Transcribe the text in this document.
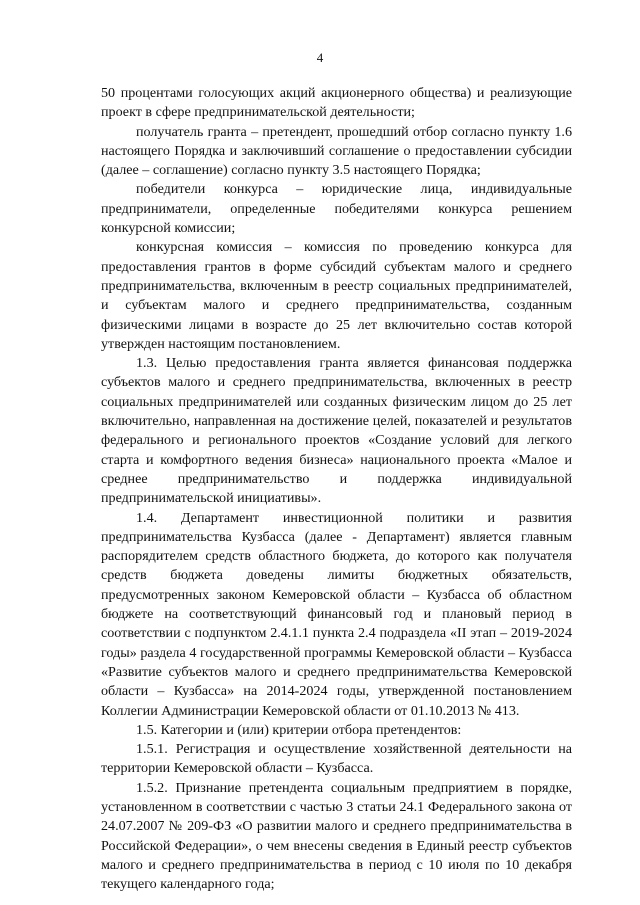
4

50 процентами голосующих акций акционерного общества) и реализующие проект в сфере предпринимательской деятельности;

получатель гранта – претендент, прошедший отбор согласно пункту 1.6 настоящего Порядка и заключивший соглашение о предоставлении субсидии (далее – соглашение) согласно пункту 3.5 настоящего Порядка;

победители конкурса – юридические лица, индивидуальные предприниматели, определенные победителями конкурса решением конкурсной комиссии;

конкурсная комиссия – комиссия по проведению конкурса для предоставления грантов в форме субсидий субъектам малого и среднего предпринимательства, включенным в реестр социальных предпринимателей, и субъектам малого и среднего предпринимательства, созданным физическими лицами в возрасте до 25 лет включительно состав которой утвержден настоящим постановлением.

1.3. Целью предоставления гранта является финансовая поддержка субъектов малого и среднего предпринимательства, включенных в реестр социальных предпринимателей или созданных физическим лицом до 25 лет включительно, направленная на достижение целей, показателей и результатов федерального и регионального проектов «Создание условий для легкого старта и комфортного ведения бизнеса» национального проекта «Малое и среднее предпринимательство и поддержка индивидуальной предпринимательской инициативы».

1.4. Департамент инвестиционной политики и развития предпринимательства Кузбасса (далее - Департамент) является главным распорядителем средств областного бюджета, до которого как получателя средств бюджета доведены лимиты бюджетных обязательств, предусмотренных законом Кемеровской области – Кузбасса об областном бюджете на соответствующий финансовый год и плановый период в соответствии с подпунктом 2.4.1.1 пункта 2.4 подраздела «II этап – 2019-2024 годы» раздела 4 государственной программы Кемеровской области – Кузбасса «Развитие субъектов малого и среднего предпринимательства Кемеровской области – Кузбасса» на 2014-2024 годы, утвержденной постановлением Коллегии Администрации Кемеровской области от 01.10.2013 № 413.

1.5. Категории и (или) критерии отбора претендентов:

1.5.1. Регистрация и осуществление хозяйственной деятельности на территории Кемеровской области – Кузбасса.

1.5.2. Признание претендента социальным предприятием в порядке, установленном в соответствии с частью 3 статьи 24.1 Федерального закона от 24.07.2007 № 209-ФЗ «О развитии малого и среднего предпринимательства в Российской Федерации», о чем внесены сведения в Единый реестр субъектов малого и среднего предпринимательства в период с 10 июля по 10 декабря текущего календарного года;
